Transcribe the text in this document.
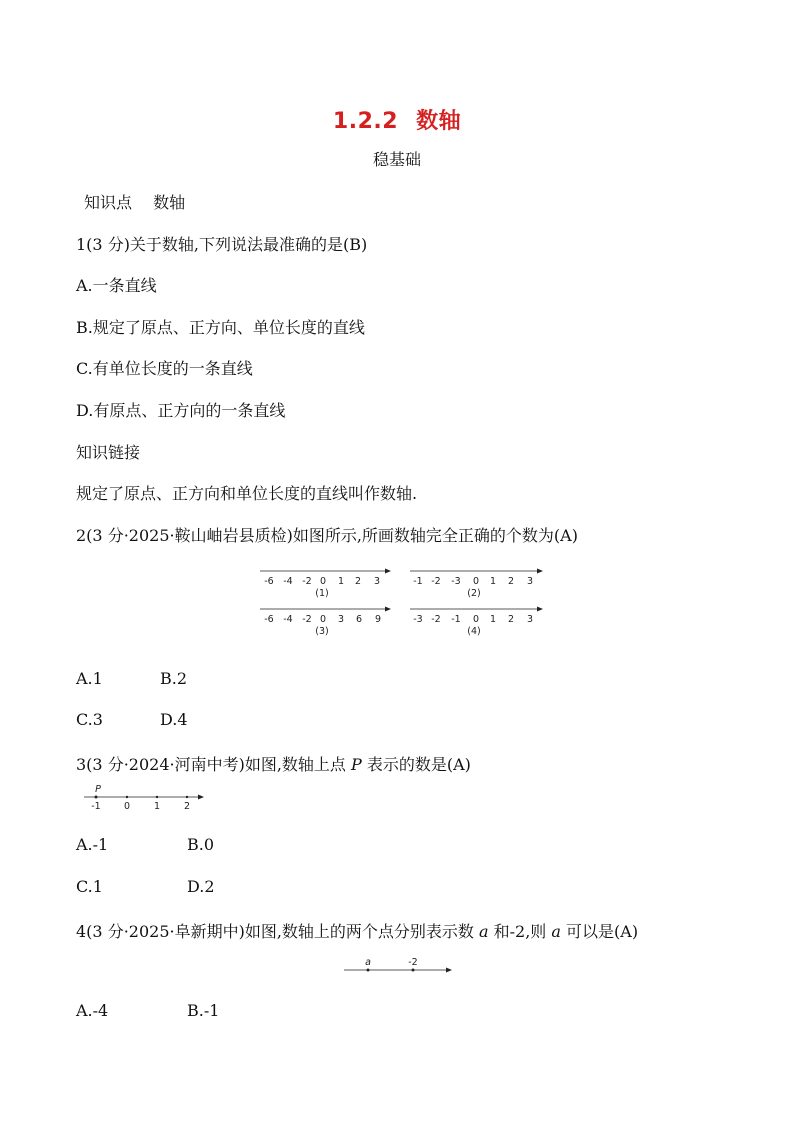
1.2.2 数轴
稳基础
知识点　 数轴
1(3 分)关于数轴,下列说法最准确的是(B)
A.一条直线
B.规定了原点、正方向、单位长度的直线
C.有单位长度的一条直线
D.有原点、正方向的一条直线
知识链接
规定了原点、正方向和单位长度的直线叫作数轴.
2(3 分·2025·鞍山岫岩县质检)如图所示,所画数轴完全正确的个数为(A)
-6 -4 -2 0 1 2 3
(1)
-1 -2 -3 0 1 2 3
(2)
-6 -4 -2 0 3 6 9
(3)
-3 -2 -1 0 1 2 3
(4)
A.1	B.2
C.3	D.4
3(3 分·2024·河南中考)如图,数轴上点 P 表示的数是(A)
P
-1 0	1	2
A.-1	B.0
C.1	D.2
4(3 分·2025·阜新期中)如图,数轴上的两个点分别表示数 a 和-2,则 a 可以是(A)
a	-2
A.-4	B.-1
